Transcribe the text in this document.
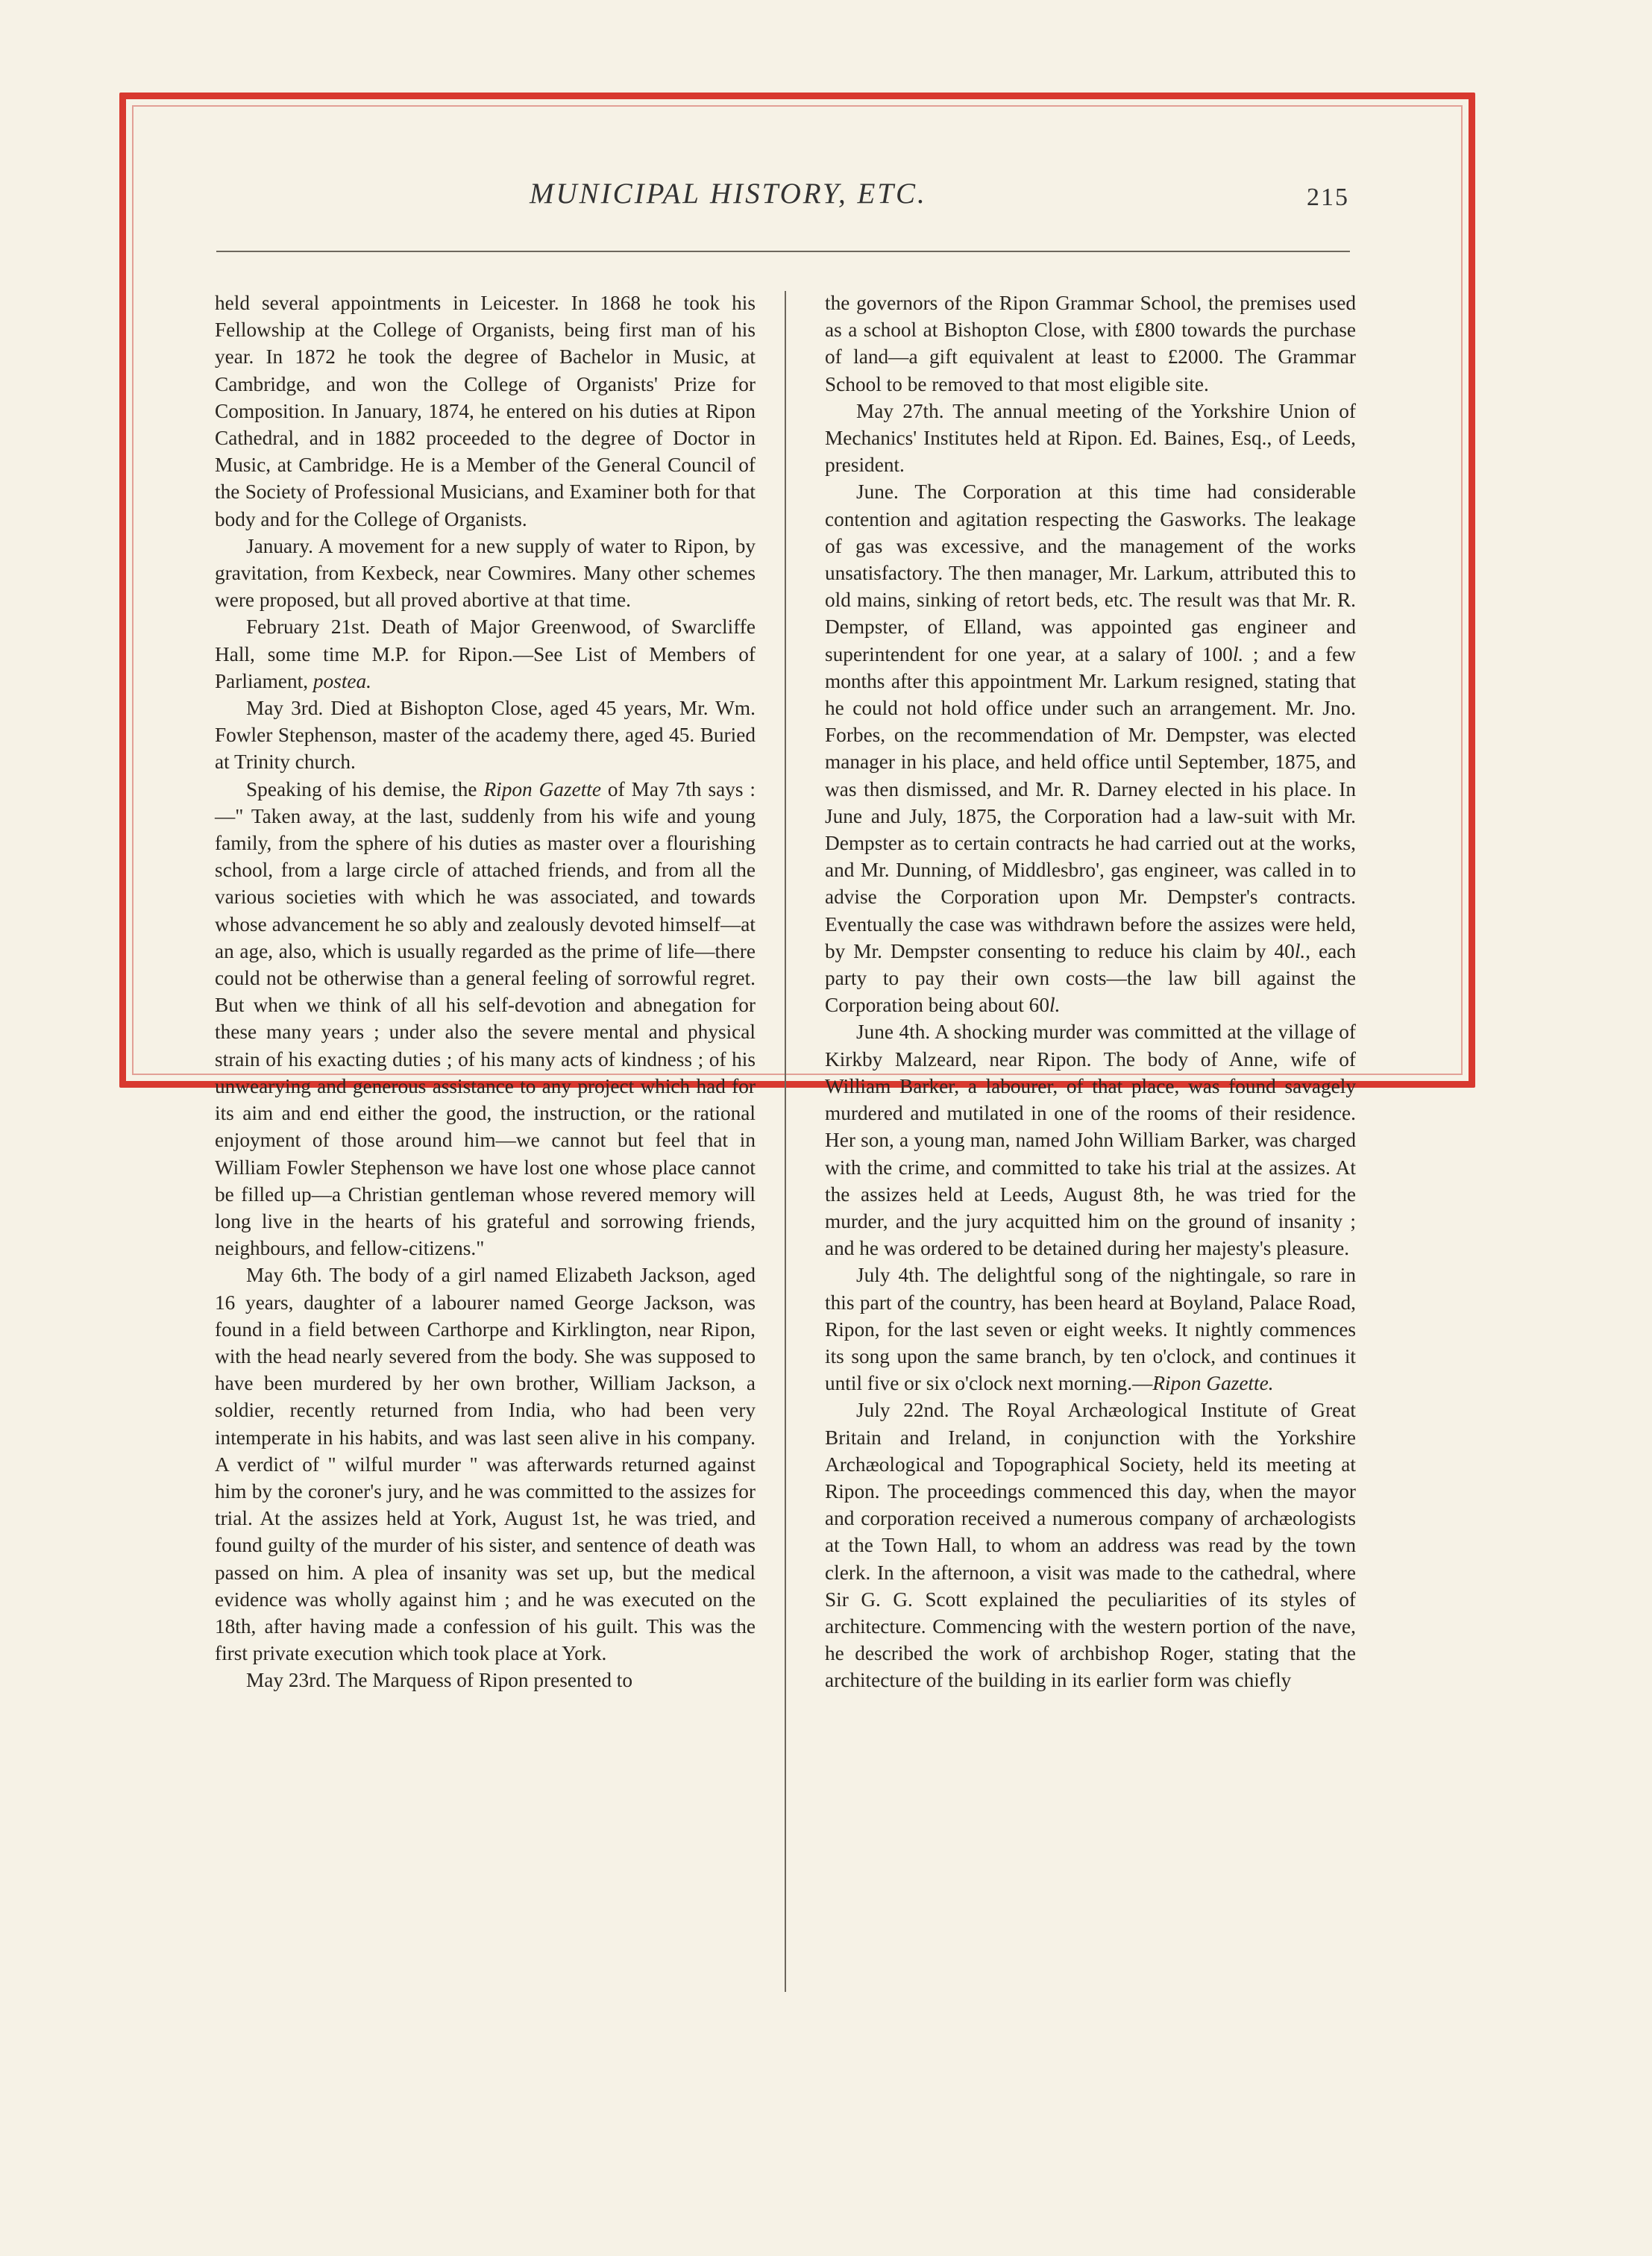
MUNICIPAL HISTORY, ETC.	215

held several appointments in Leicester. In 1868 he took his Fellowship at the College of Organists, being first man of his year. In 1872 he took the degree of Bachelor in Music, at Cambridge, and won the College of Organists' Prize for Composition. In January, 1874, he entered on his duties at Ripon Cathedral, and in 1882 proceeded to the degree of Doctor in Music, at Cambridge. He is a Member of the General Council of the Society of Professional Musicians, and Examiner both for that body and for the College of Organists.

January. A movement for a new supply of water to Ripon, by gravitation, from Kexbeck, near Cowmires. Many other schemes were proposed, but all proved abortive at that time.

February 21st. Death of Major Greenwood, of Swarcliffe Hall, some time M.P. for Ripon.—See List of Members of Parliament, postea.

May 3rd. Died at Bishopton Close, aged 45 years, Mr. Wm. Fowler Stephenson, master of the academy there, aged 45. Buried at Trinity church.

Speaking of his demise, the Ripon Gazette of May 7th says :—" Taken away, at the last, suddenly from his wife and young family, from the sphere of his duties as master over a flourishing school, from a large circle of attached friends, and from all the various societies with which he was associated, and towards whose advancement he so ably and zealously devoted himself—at an age, also, which is usually regarded as the prime of life—there could not be otherwise than a general feeling of sorrowful regret. But when we think of all his self-devotion and abnegation for these many years ; under also the severe mental and physical strain of his exacting duties ; of his many acts of kindness ; of his unwearying and generous assistance to any project which had for its aim and end either the good, the instruction, or the rational enjoyment of those around him—we cannot but feel that in William Fowler Stephenson we have lost one whose place cannot be filled up—a Christian gentleman whose revered memory will long live in the hearts of his grateful and sorrowing friends, neighbours, and fellow-citizens."

May 6th. The body of a girl named Elizabeth Jackson, aged 16 years, daughter of a labourer named George Jackson, was found in a field between Carthorpe and Kirklington, near Ripon, with the head nearly severed from the body. She was supposed to have been murdered by her own brother, William Jackson, a soldier, recently returned from India, who had been very intemperate in his habits, and was last seen alive in his company. A verdict of " wilful murder " was afterwards returned against him by the coroner's jury, and he was committed to the assizes for trial. At the assizes held at York, August 1st, he was tried, and found guilty of the murder of his sister, and sentence of death was passed on him. A plea of insanity was set up, but the medical evidence was wholly against him ; and he was executed on the 18th, after having made a confession of his guilt. This was the first private execution which took place at York.

May 23rd. The Marquess of Ripon presented to

the governors of the Ripon Grammar School, the premises used as a school at Bishopton Close, with £800 towards the purchase of land—a gift equivalent at least to £2000. The Grammar School to be removed to that most eligible site.

May 27th. The annual meeting of the Yorkshire Union of Mechanics' Institutes held at Ripon. Ed. Baines, Esq., of Leeds, president.

June. The Corporation at this time had considerable contention and agitation respecting the Gasworks. The leakage of gas was excessive, and the management of the works unsatisfactory. The then manager, Mr. Larkum, attributed this to old mains, sinking of retort beds, etc. The result was that Mr. R. Dempster, of Elland, was appointed gas engineer and superintendent for one year, at a salary of 100l. ; and a few months after this appointment Mr. Larkum resigned, stating that he could not hold office under such an arrangement. Mr. Jno. Forbes, on the recommendation of Mr. Dempster, was elected manager in his place, and held office until September, 1875, and was then dismissed, and Mr. R. Darney elected in his place. In June and July, 1875, the Corporation had a law-suit with Mr. Dempster as to certain contracts he had carried out at the works, and Mr. Dunning, of Middlesbro', gas engineer, was called in to advise the Corporation upon Mr. Dempster's contracts. Eventually the case was withdrawn before the assizes were held, by Mr. Dempster consenting to reduce his claim by 40l., each party to pay their own costs—the law bill against the Corporation being about 60l.

June 4th. A shocking murder was committed at the village of Kirkby Malzeard, near Ripon. The body of Anne, wife of William Barker, a labourer, of that place, was found savagely murdered and mutilated in one of the rooms of their residence. Her son, a young man, named John William Barker, was charged with the crime, and committed to take his trial at the assizes. At the assizes held at Leeds, August 8th, he was tried for the murder, and the jury acquitted him on the ground of insanity ; and he was ordered to be detained during her majesty's pleasure.

July 4th. The delightful song of the nightingale, so rare in this part of the country, has been heard at Boyland, Palace Road, Ripon, for the last seven or eight weeks. It nightly commences its song upon the same branch, by ten o'clock, and continues it until five or six o'clock next morning.—Ripon Gazette.

July 22nd. The Royal Archæological Institute of Great Britain and Ireland, in conjunction with the Yorkshire Archæological and Topographical Society, held its meeting at Ripon. The proceedings commenced this day, when the mayor and corporation received a numerous company of archæologists at the Town Hall, to whom an address was read by the town clerk. In the afternoon, a visit was made to the cathedral, where Sir G. G. Scott explained the peculiarities of its styles of architecture. Commencing with the western portion of the nave, he described the work of archbishop Roger, stating that the architecture of the building in its earlier form was chiefly
